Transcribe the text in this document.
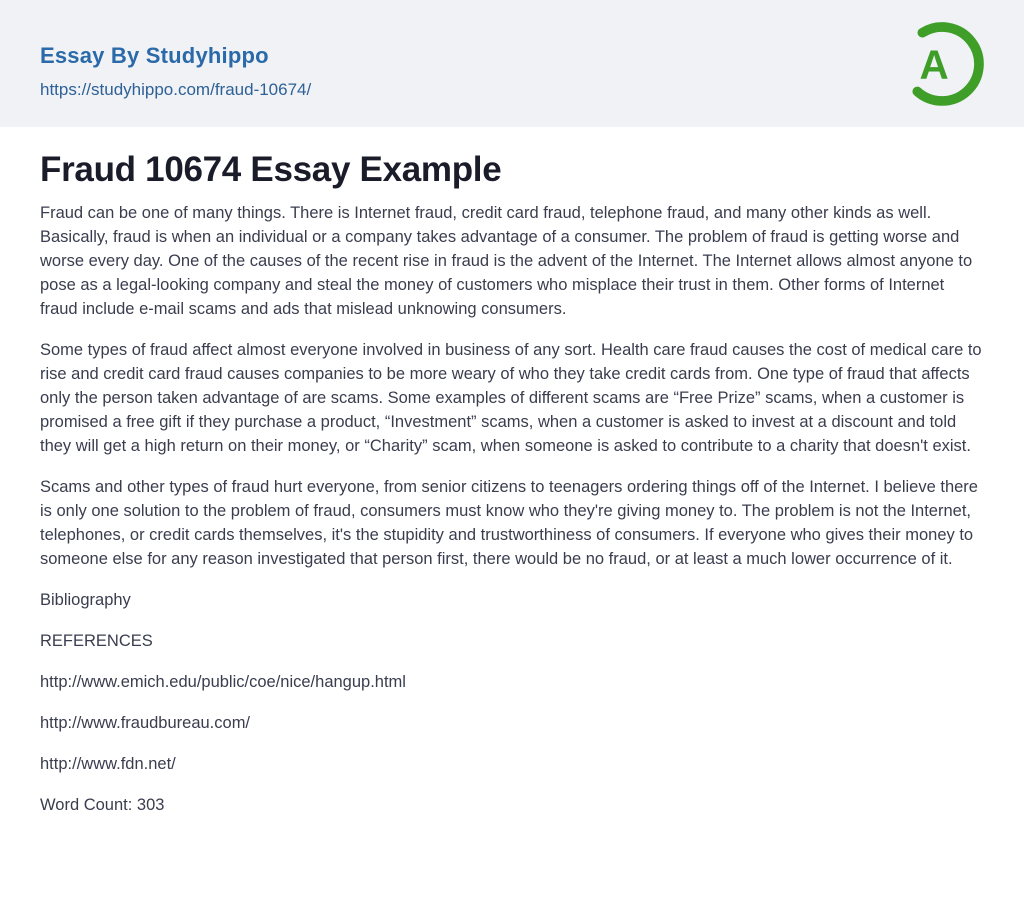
Essay By Studyhippo
https://studyhippo.com/fraud-10674/
A
Fraud 10674 Essay Example

Fraud can be one of many things. There is Internet fraud, credit card fraud, telephone fraud, and many other kinds as well. Basically, fraud is when an individual or a company takes advantage of a consumer. The problem of fraud is getting worse and worse every day. One of the causes of the recent rise in fraud is the advent of the Internet. The Internet allows almost anyone to pose as a legal-looking company and steal the money of customers who misplace their trust in them. Other forms of Internet fraud include e-mail scams and ads that mislead unknowing consumers.

Some types of fraud affect almost everyone involved in business of any sort. Health care fraud causes the cost of medical care to rise and credit card fraud causes companies to be more weary of who they take credit cards from. One type of fraud that affects only the person taken advantage of are scams. Some examples of different scams are “Free Prize” scams, when a customer is promised a free gift if they purchase a product, “Investment” scams, when a customer is asked to invest at a discount and told they will get a high return on their money, or “Charity” scam, when someone is asked to contribute to a charity that doesn't exist.

Scams and other types of fraud hurt everyone, from senior citizens to teenagers ordering things off of the Internet. I believe there is only one solution to the problem of fraud, consumers must know who they're giving money to. The problem is not the Internet, telephones, or credit cards themselves, it's the stupidity and trustworthiness of consumers. If everyone who gives their money to someone else for any reason investigated that person first, there would be no fraud, or at least a much lower occurrence of it.

Bibliography

REFERENCES

http://www.emich.edu/public/coe/nice/hangup.html

http://www.fraudbureau.com/

http://www.fdn.net/

Word Count: 303
